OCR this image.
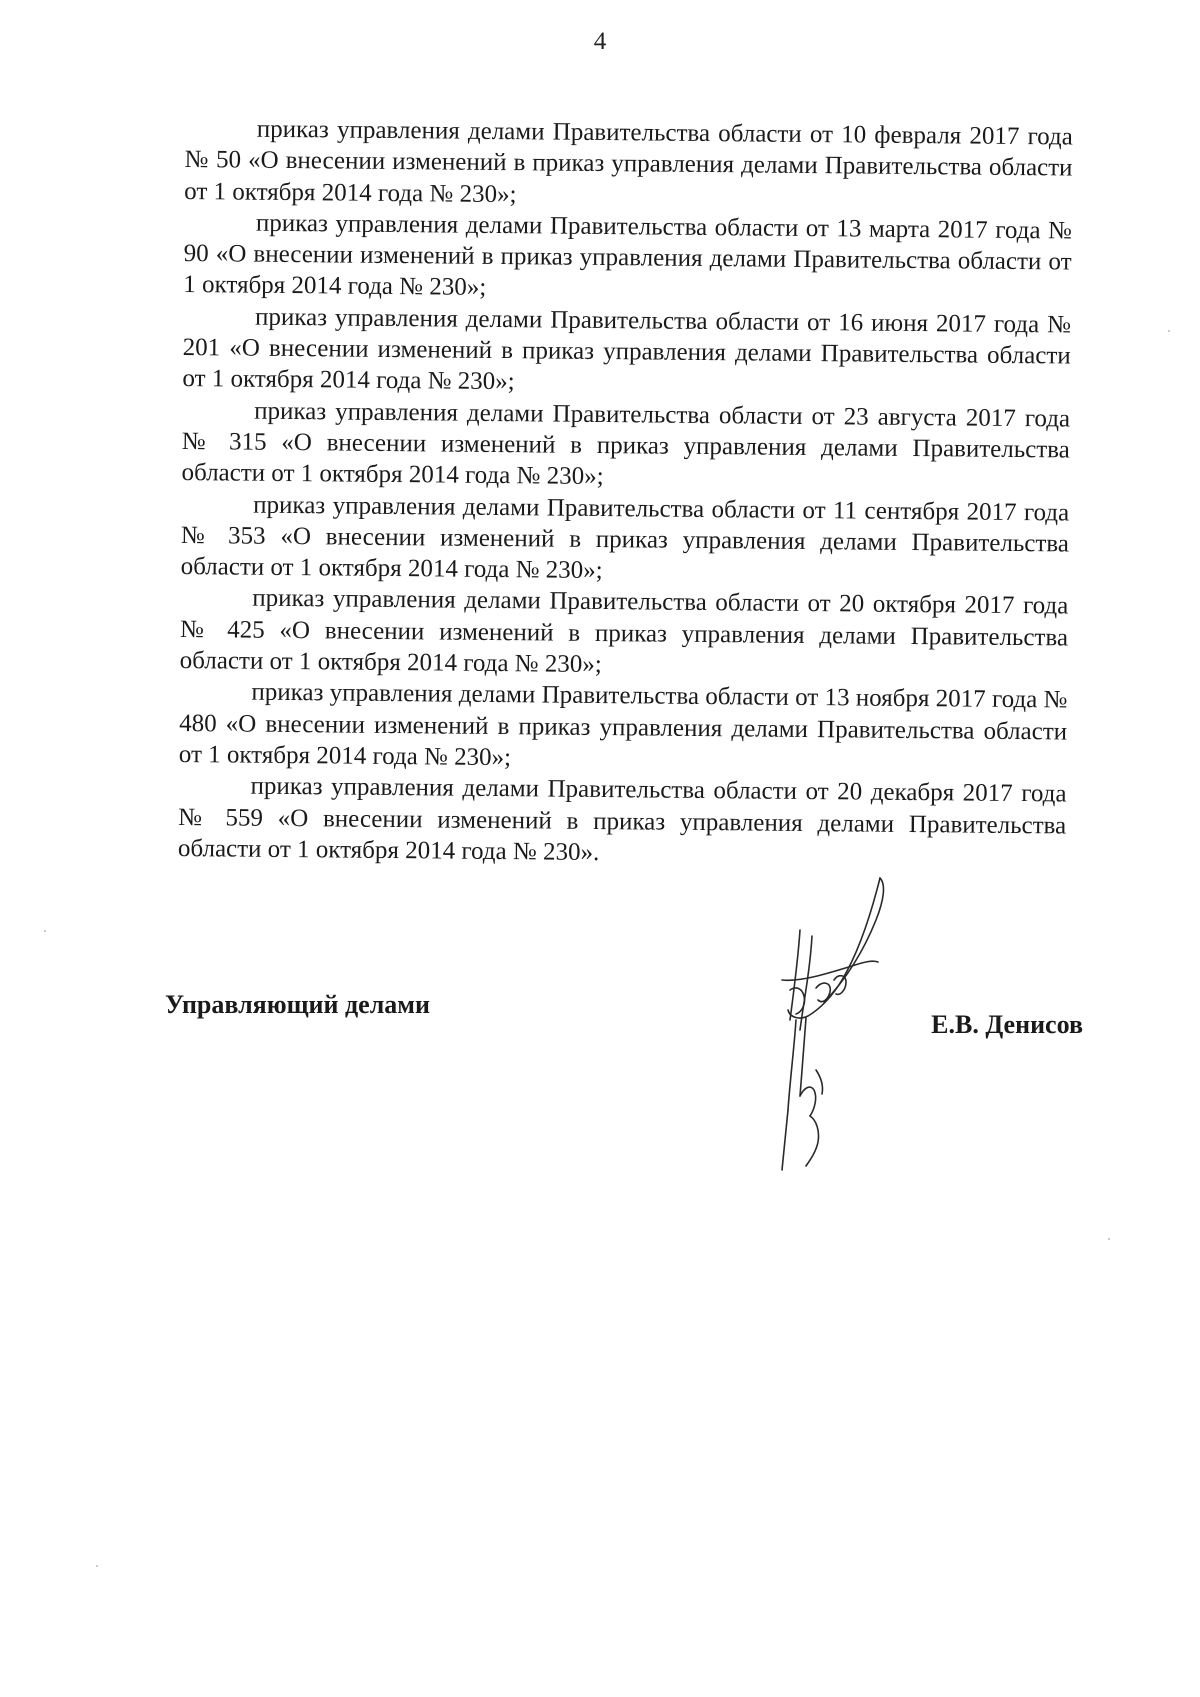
4

приказ управления делами Правительства области от 10 февраля 2017 года № 50 «О внесении изменений в приказ управления делами Правительства области от 1 октября 2014 года № 230»;

приказ управления делами Правительства области от 13 марта 2017 года № 90 «О внесении изменений в приказ управления делами Правительства области от 1 октября 2014 года № 230»;

приказ управления делами Правительства области от 16 июня 2017 года № 201 «О внесении изменений в приказ управления делами Правительства области от 1 октября 2014 года № 230»;

приказ управления делами Правительства области от 23 августа 2017 года № 315 «О внесении изменений в приказ управления делами Правительства области от 1 октября 2014 года № 230»;

приказ управления делами Правительства области от 11 сентября 2017 года № 353 «О внесении изменений в приказ управления делами Правительства области от 1 октября 2014 года № 230»;

приказ управления делами Правительства области от 20 октября 2017 года № 425 «О внесении изменений в приказ управления делами Правительства области от 1 октября 2014 года № 230»;

приказ управления делами Правительства области от 13 ноября 2017 года № 480 «О внесении изменений в приказ управления делами Правительства области от 1 октября 2014 года № 230»;

приказ управления делами Правительства области от 20 декабря 2017 года № 559 «О внесении изменений в приказ управления делами Правительства области от 1 октября 2014 года № 230».

Управляющий делами
Е.В. Денисов
